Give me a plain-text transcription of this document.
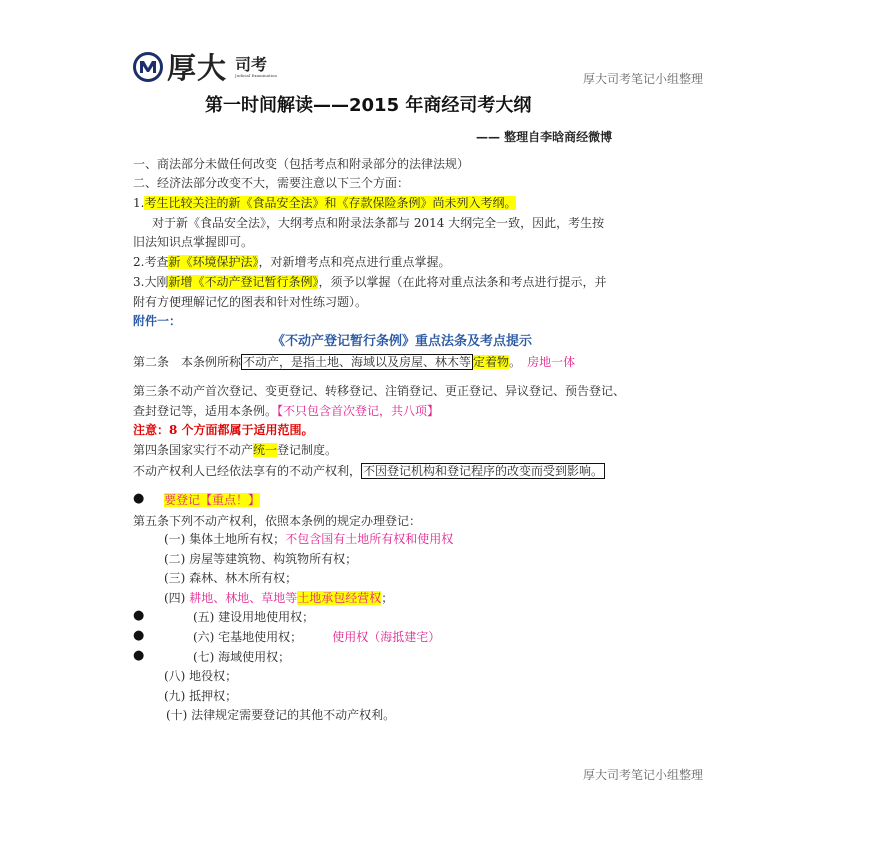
厚大 司考
Judicial Examination	厚大司考笔记小组整理
第一时间解读——2015 年商经司考大纲
—— 整理自李晗商经微博
一、商法部分未做任何改变（包括考点和附录部分的法律法规）
二、经济法部分改变不大，需要注意以下三个方面：
1.考生比较关注的新《食品安全法》和《存款保险条例》尚未列入考纲。
对于新《食品安全法》，大纲考点和附录法条都与 2014 大纲完全一致，因此，考生按
旧法知识点掌握即可。
2.考查新《环境保护法》，对新增考点和亮点进行重点掌握。
3.大刚新增《不动产登记暂行条例》，须予以掌握（在此将对重点法条和考点进行提示，并
附有方便理解记忆的图表和针对性练习题）。
附件一：
《不动产登记暂行条例》重点法条及考点提示
第二条　本条例所称 不动产，是指土地、海域以及房屋、林木等 定着物。　 房地一体
第三条不动产首次登记、变更登记、转移登记、注销登记、更正登记、异议登记、预告登记、
查封登记等，适用本条例。【不只包含首次登记，共八项】
注意：8 个方面都属于适用范围。
第四条国家实行不动产统一登记制度。
不动产权利人已经依法享有的不动产权利， 不因登记机构和登记程序的改变而受到影响。
● 要登记【重点！】
第五条下列不动产权利，依照本条例的规定办理登记：
(一) 集体土地所有权；不包含国有土地所有权和使用权
(二) 房屋等建筑物、构筑物所有权；
(三) 森林、林木所有权；
(四) 耕地、林地、草地等土地承包经营权；
●	(五) 建设用地使用权；
●	(六) 宅基地使用权；	使用权（海抵建宅）
●	(七) 海域使用权；
(八) 地役权；
(九) 抵押权；
(十) 法律规定需要登记的其他不动产权利。
厚大司考笔记小组整理
